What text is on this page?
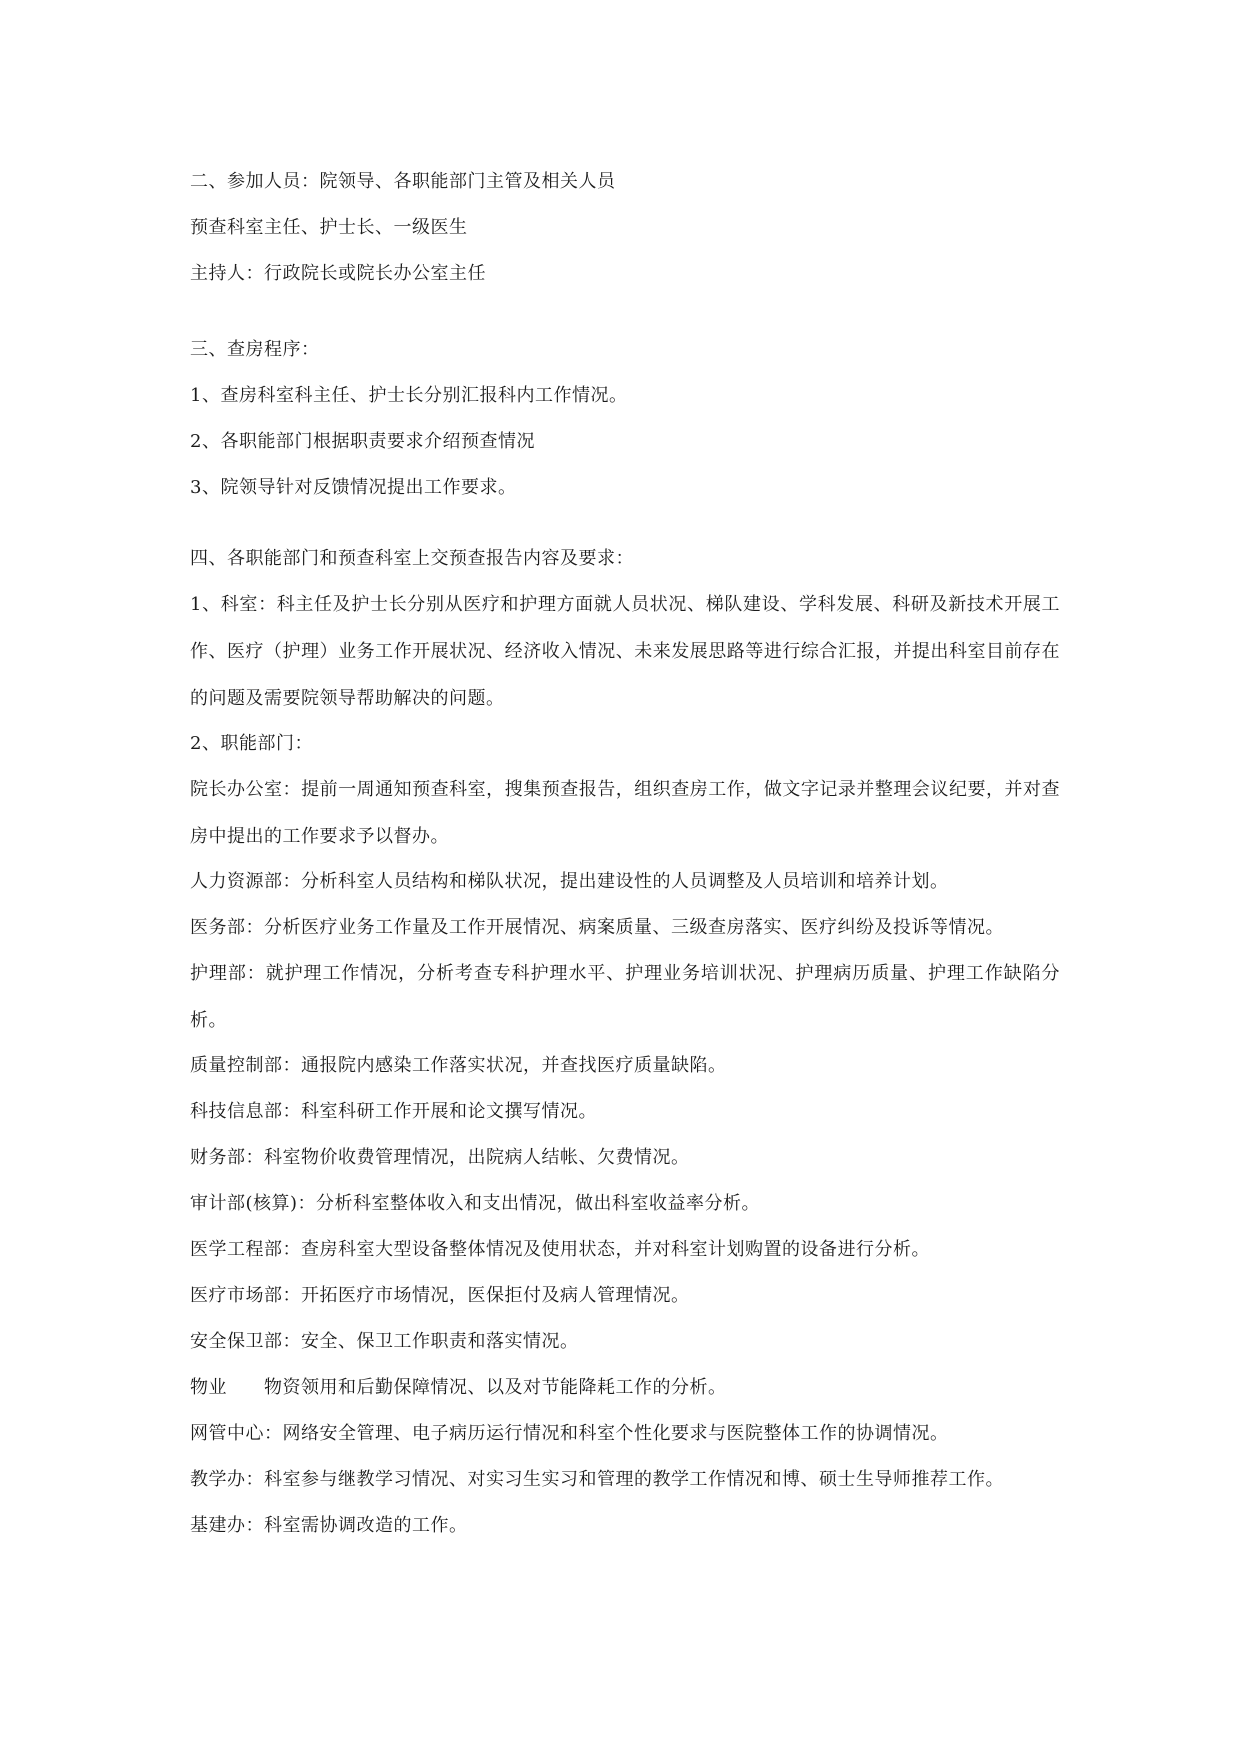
二、参加人员：院领导、各职能部门主管及相关人员
预查科室主任、护士长、一级医生
主持人：行政院长或院长办公室主任
三、查房程序：
1、查房科室科主任、护士长分别汇报科内工作情况。
2、各职能部门根据职责要求介绍预查情况
3、院领导针对反馈情况提出工作要求。
四、各职能部门和预查科室上交预查报告内容及要求：
1、科室：科主任及护士长分别从医疗和护理方面就人员状况、梯队建设、学科发展、科研及新技术开展工作、医疗（护理）业务工作开展状况、经济收入情况、未来发展思路等进行综合汇报，并提出科室目前存在的问题及需要院领导帮助解决的问题。
2、职能部门：
院长办公室：提前一周通知预查科室，搜集预查报告，组织查房工作，做文字记录并整理会议纪要，并对查房中提出的工作要求予以督办。
人力资源部：分析科室人员结构和梯队状况，提出建设性的人员调整及人员培训和培养计划。
医务部：分析医疗业务工作量及工作开展情况、病案质量、三级查房落实、医疗纠纷及投诉等情况。
护理部：就护理工作情况，分析考查专科护理水平、护理业务培训状况、护理病历质量、护理工作缺陷分析。
质量控制部：通报院内感染工作落实状况，并查找医疗质量缺陷。
科技信息部：科室科研工作开展和论文撰写情况。
财务部：科室物价收费管理情况，出院病人结帐、欠费情况。
审计部(核算)：分析科室整体收入和支出情况，做出科室收益率分析。
医学工程部：查房科室大型设备整体情况及使用状态，并对科室计划购置的设备进行分析。
医疗市场部：开拓医疗市场情况，医保拒付及病人管理情况。
安全保卫部：安全、保卫工作职责和落实情况。
物业　　物资领用和后勤保障情况、以及对节能降耗工作的分析。
网管中心：网络安全管理、电子病历运行情况和科室个性化要求与医院整体工作的协调情况。
教学办：科室参与继教学习情况、对实习生实习和管理的教学工作情况和博、硕士生导师推荐工作。
基建办：科室需协调改造的工作。
